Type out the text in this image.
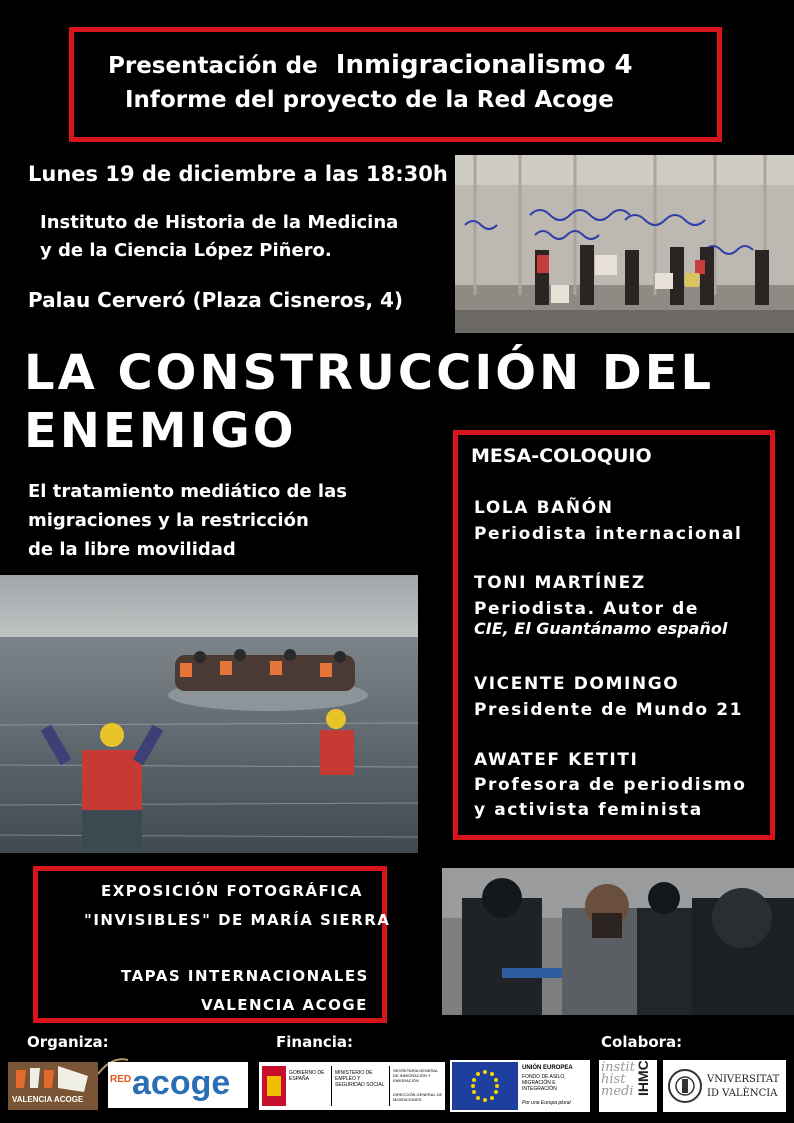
Presentación de Inmigracionalismo 4
Informe del proyecto de la Red Acoge
Lunes 19 de diciembre a las 18:30h
Instituto de Historia de la Medicina
y de la Ciencia López Piñero.
Palau Cerveró (Plaza Cisneros, 4)
LA CONSTRUCCIÓN DEL
ENEMIGO
El tratamiento mediático de las
migraciones y la restricción
de la libre movilidad
MESA-COLOQUIO
LOLA BAÑÓN
Periodista internacional
TONI MARTÍNEZ
Periodista. Autor de
CIE, El Guantánamo español
VICENTE DOMINGO
Presidente de Mundo 21
AWATEF KETITI
Profesora de periodismo
y activista feminista
EXPOSICIÓN FOTOGRÁFICA
"INVISIBLES" DE MARÍA SIERRA
TAPAS INTERNACIONALES
VALENCIA ACOGE
Organiza:	Financia:	Colabora:
VALENCIA ACOGE
RED acoge	GOBIERNO DE ESPAÑA
MINISTERIO DE EMPLEO Y SEGURIDAD SOCIAL
SECRETARÍA GENERAL DE INMIGRACIÓN Y EMIGRACIÓN
DIRECCIÓN GENERAL DE MIGRACIONES
UNIÓN EUROPEA
FONDO DE ASILO, MIGRACIÓN E INTEGRACIÓN
Por una Europa plural
instit hist medi IHMC	VNIVERSITAT
ID VALÈNCIA
